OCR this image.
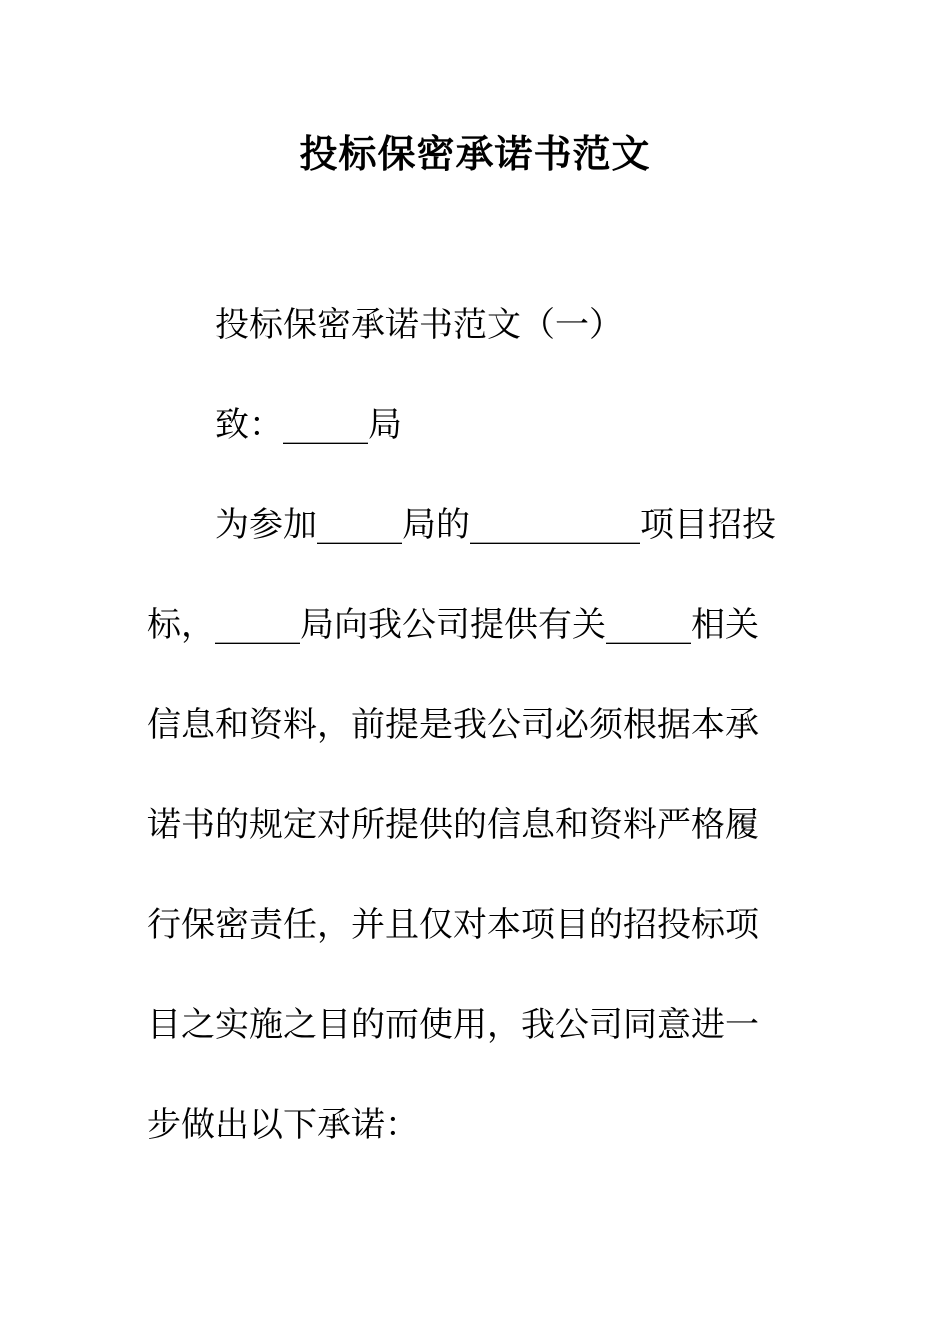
投标保密承诺书范文
投标保密承诺书范文（一）
致：_____局
为参加_____局的__________项目招投
标，_____局向我公司提供有关_____相关
信息和资料，前提是我公司必须根据本承
诺书的规定对所提供的信息和资料严格履
行保密责任，并且仅对本项目的招投标项
目之实施之目的而使用，我公司同意进一
步做出以下承诺：
